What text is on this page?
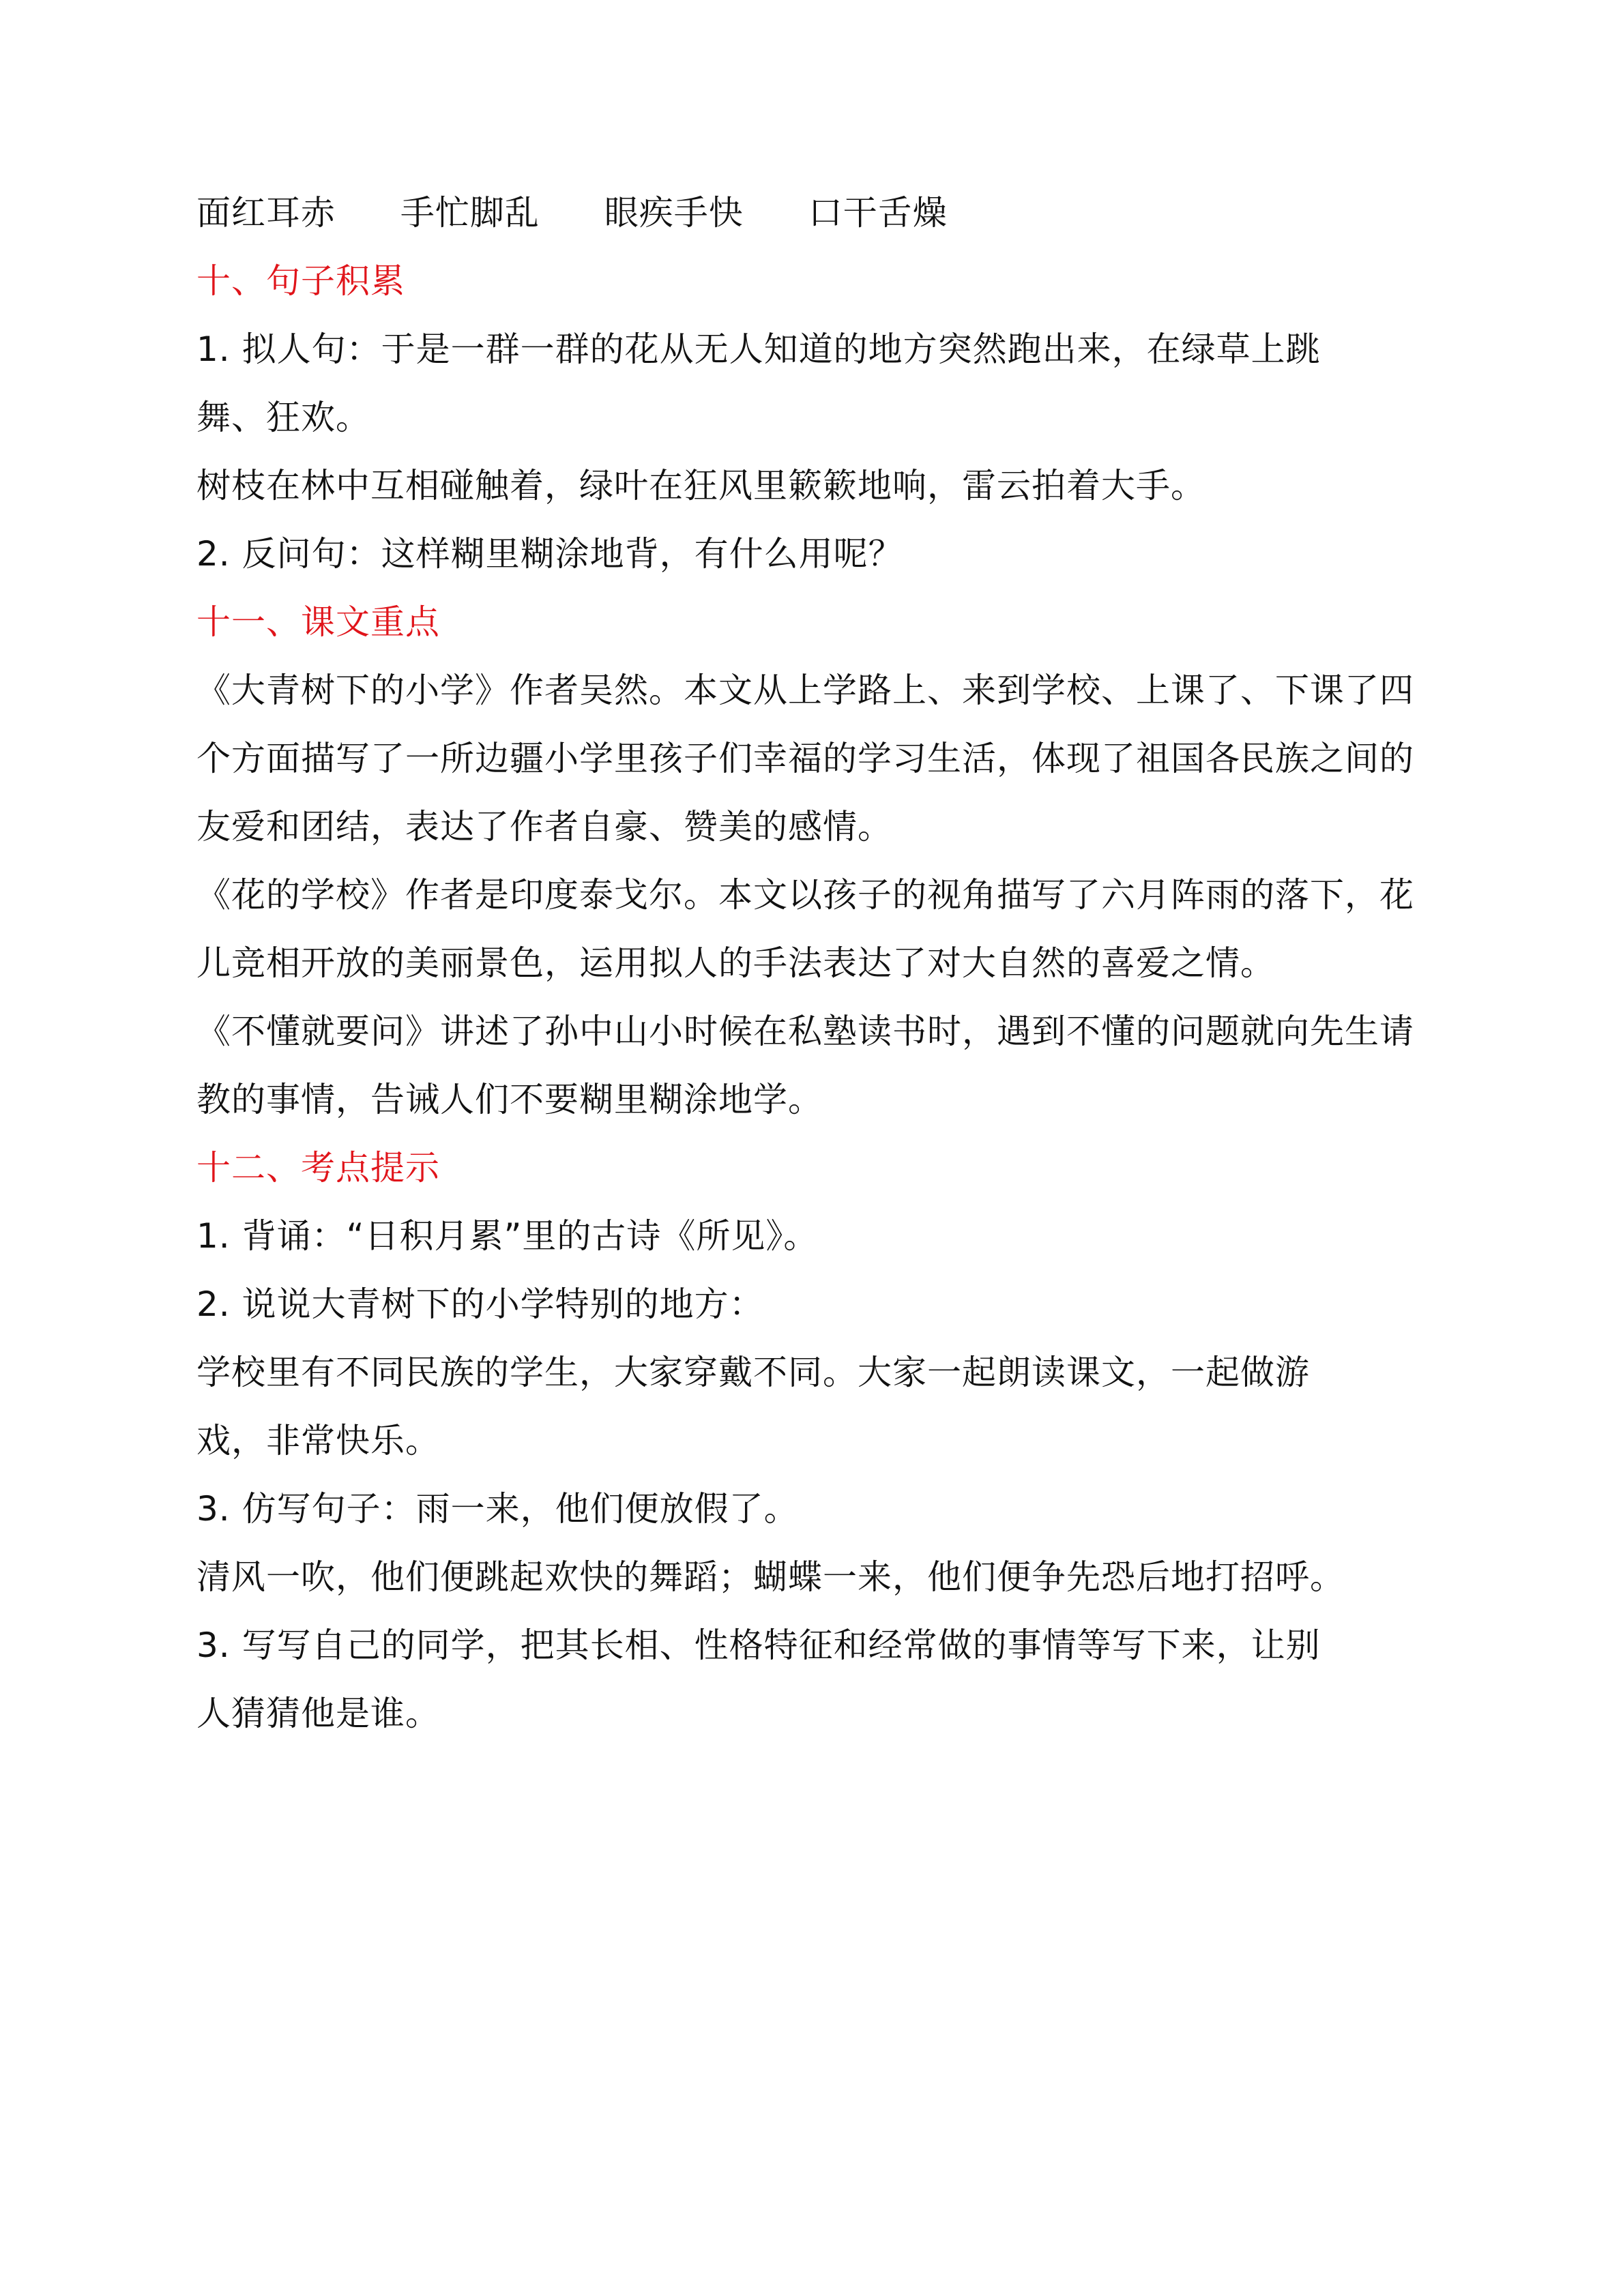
面红耳赤 手忙脚乱 眼疾手快 口干舌燥
十、句子积累
1. 拟人句：于是一群一群的花从无人知道的地方突然跑出来，在绿草上跳
舞、狂欢。
树枝在林中互相碰触着，绿叶在狂风里簌簌地响，雷云拍着大手。
2. 反问句：这样糊里糊涂地背，有什么用呢？
十一、课文重点
《大青树下的小学》作者吴然。本文从上学路上、来到学校、上课了、下课了四
个方面描写了一所边疆小学里孩子们幸福的学习生活，体现了祖国各民族之间的
友爱和团结，表达了作者自豪、赞美的感情。
《花的学校》作者是印度泰戈尔。本文以孩子的视角描写了六月阵雨的落下，花
儿竞相开放的美丽景色，运用拟人的手法表达了对大自然的喜爱之情。
《不懂就要问》讲述了孙中山小时候在私塾读书时，遇到不懂的问题就向先生请
教的事情，告诫人们不要糊里糊涂地学。
十二、考点提示
1. 背诵：“日积月累”里的古诗《所见》。
2. 说说大青树下的小学特别的地方：
学校里有不同民族的学生，大家穿戴不同。大家一起朗读课文，一起做游
戏，非常快乐。
3. 仿写句子：雨一来，他们便放假了。
清风一吹，他们便跳起欢快的舞蹈；蝴蝶一来，他们便争先恐后地打招呼。
3. 写写自己的同学，把其长相、性格特征和经常做的事情等写下来，让别
人猜猜他是谁。
